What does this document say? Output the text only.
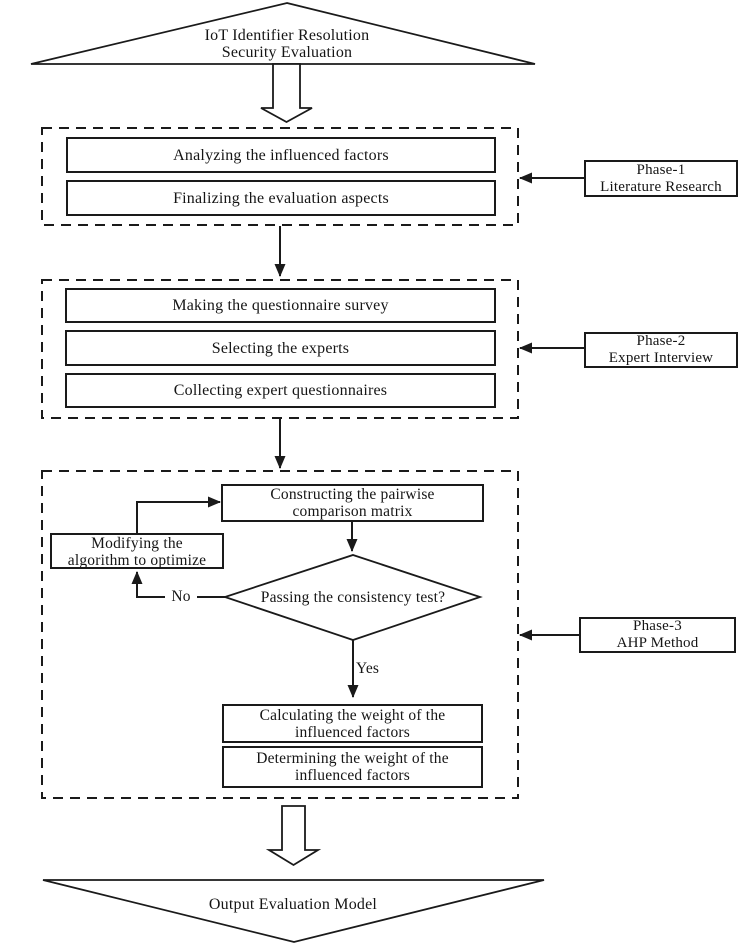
IoT Identifier Resolution
Security Evaluation
Analyzing the influenced factors
Finalizing the evaluation aspects
Phase-1
Literature Research
Making the questionnaire survey
Selecting the experts
Collecting expert questionnaires
Phase-2
Expert Interview
Constructing the pairwise
comparison matrix
Modifying the
algorithm to optimize
Passing the consistency test?
No
Yes
Calculating the weight of the
influenced factors
Determining the weight of the
influenced factors
Phase-3
AHP Method
Output Evaluation Model
